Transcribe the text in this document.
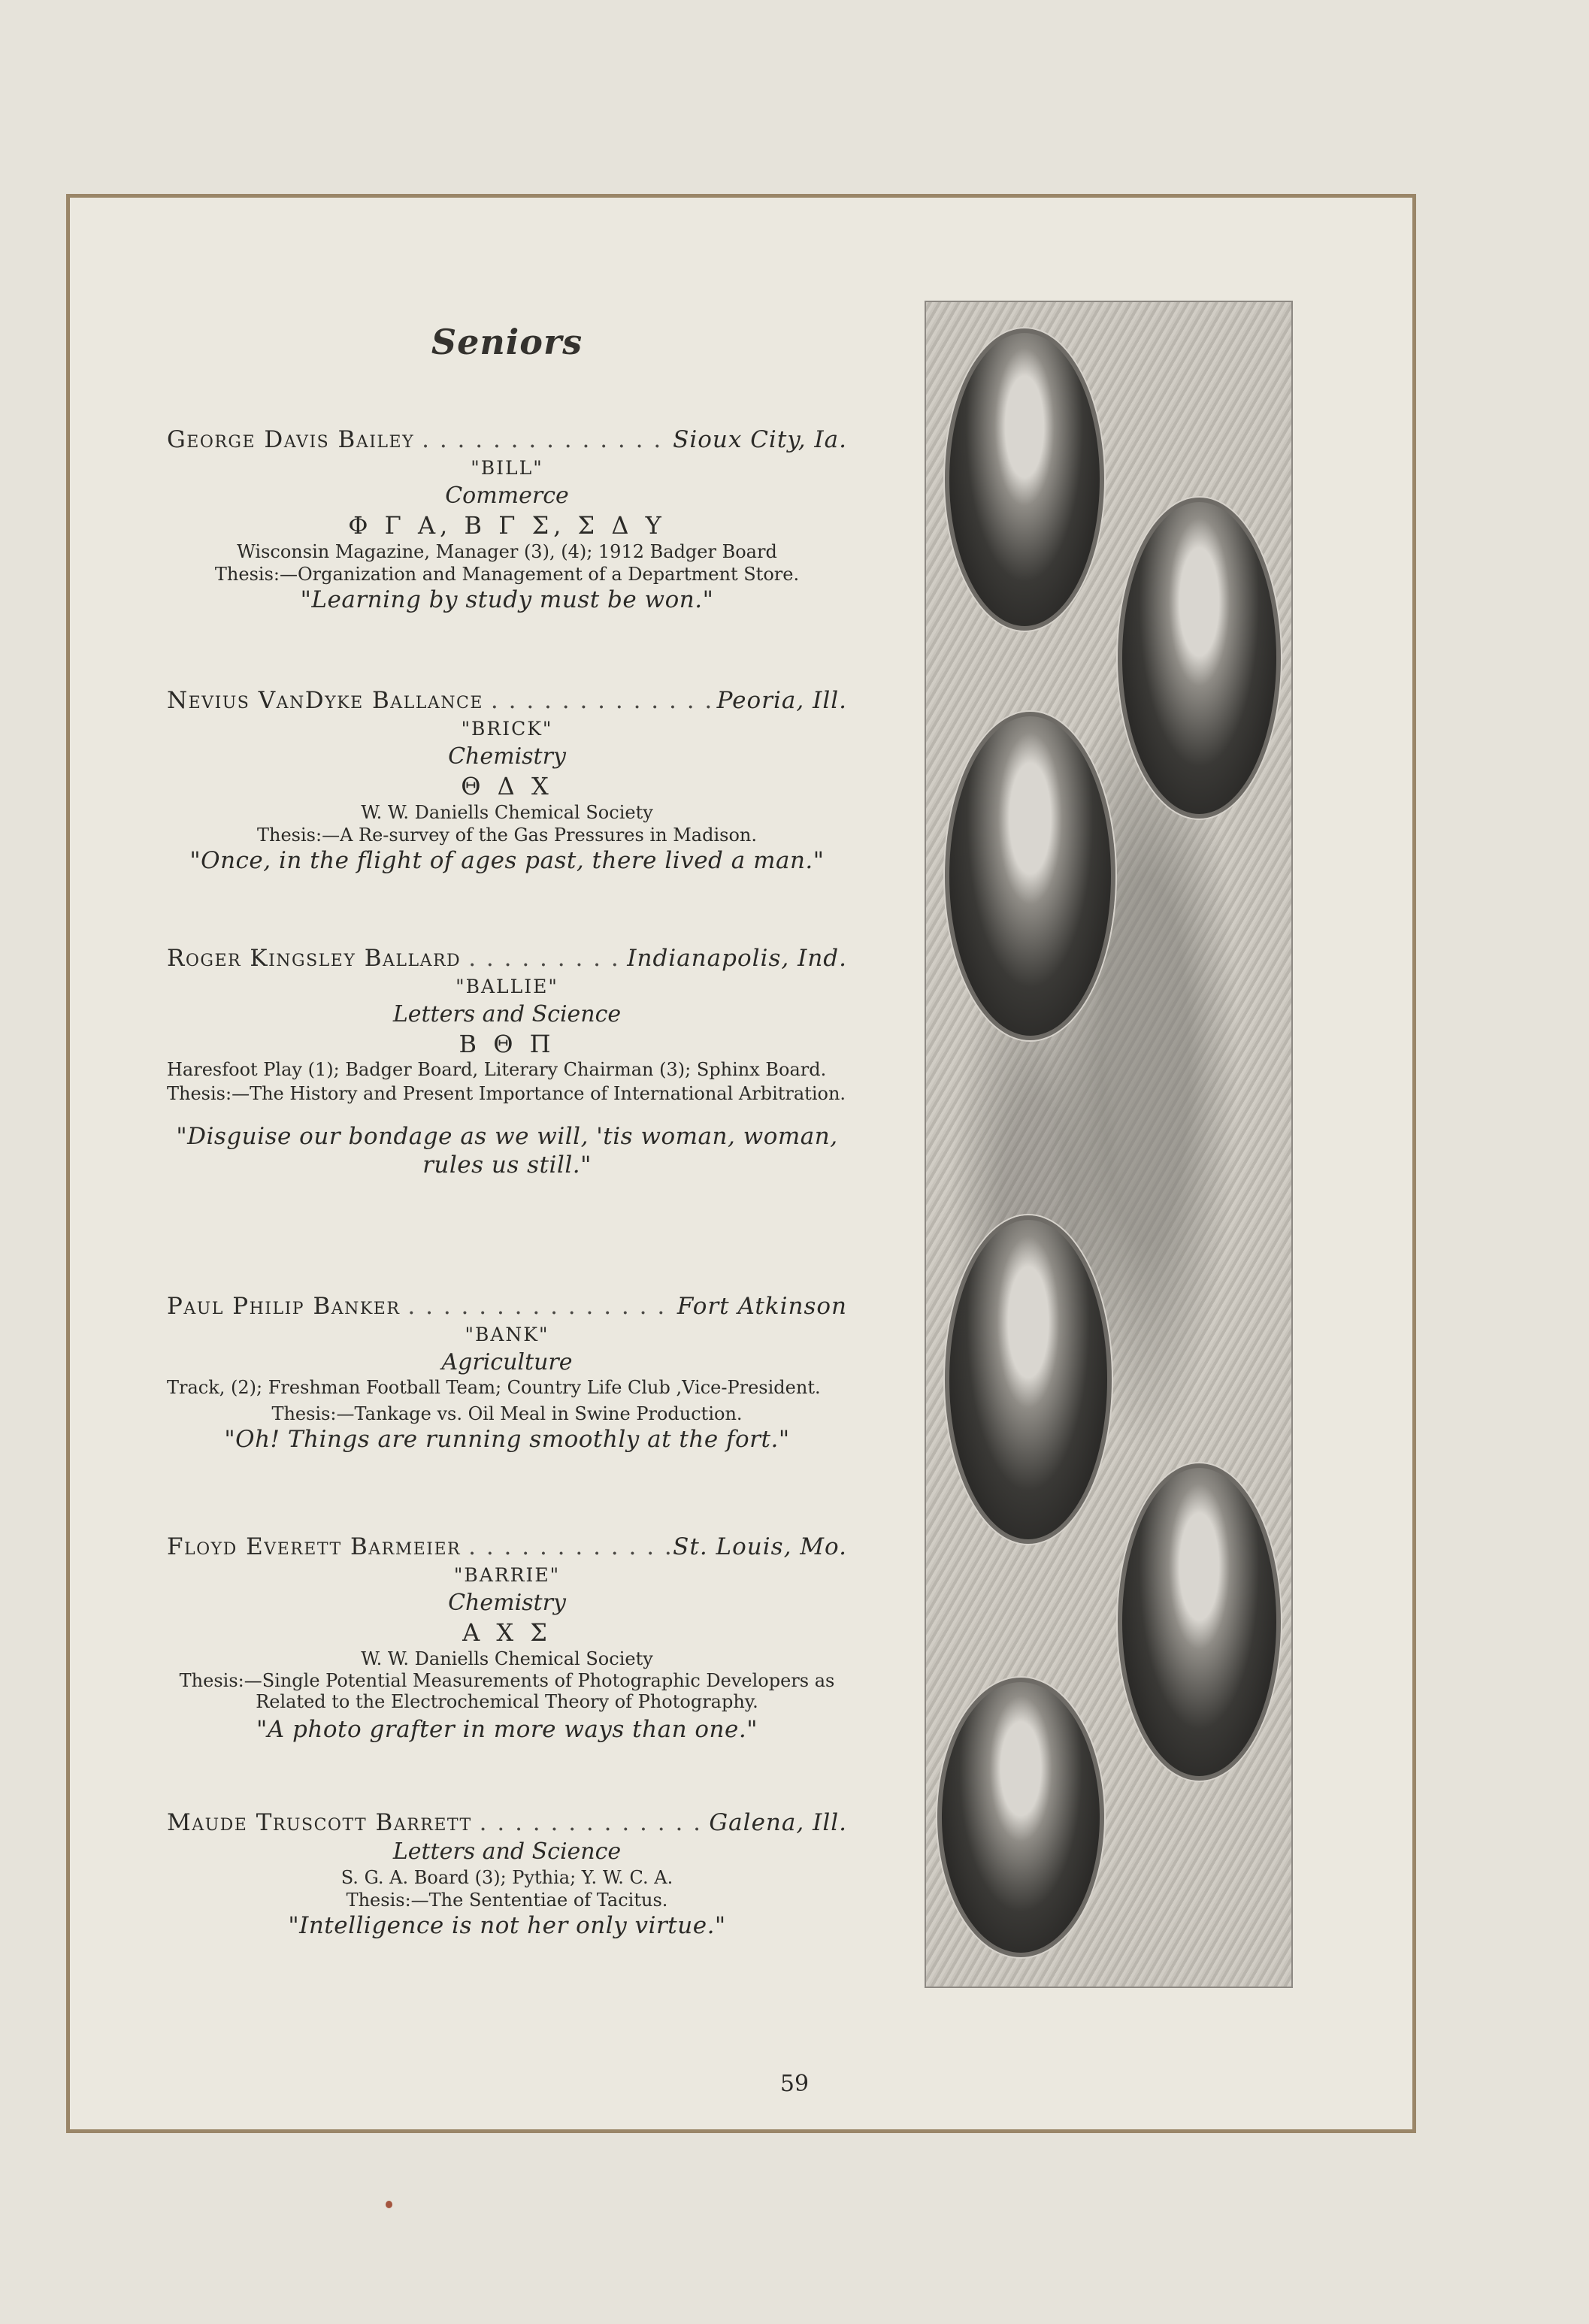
Seniors
George Davis Bailey . . .	Sioux City, Ia.
"BILL"
Commerce
Φ Γ Α, Β Γ Σ, Σ Δ Υ
Wisconsin Magazine, Manager (3), (4); 1912 Badger Board
Thesis:—Organization and Management of a Department Store.
"Learning by study must be won."
Nevius VanDyke Ballance . . .	Peoria, Ill.
"BRICK"
Chemistry
Θ Δ Χ
W. W. Daniells Chemical Society
Thesis:—A Re-survey of the Gas Pressures in Madison.
"Once, in the flight of ages past, there lived a man."
Roger Kingsley Ballard . . .	Indianapolis, Ind.
"BALLIE"
Letters and Science
Β Θ Π
Haresfoot Play (1); Badger Board, Literary Chairman (3); Sphinx Board.
Thesis:—The History and Present Importance of International Arbitration.
"Disguise our bondage as we will, 'tis woman, woman, rules us still."
Paul Philip Banker . . .	Fort Atkinson
"BANK"
Agriculture
Track, (2); Freshman Football Team; Country Life Club ,Vice-President.
Thesis:—Tankage vs. Oil Meal in Swine Production.
"Oh! Things are running smoothly at the fort."
Floyd Everett Barmeier . . .	St. Louis, Mo.
"BARRIE"
Chemistry
Α Χ Σ
W. W. Daniells Chemical Society
Thesis:—Single Potential Measurements of Photographic Developers as Related to the Electrochemical Theory of Photography.
"A photo grafter in more ways than one."
Maude Truscott Barrett . . .	Galena, Ill.
Letters and Science
S. G. A. Board (3); Pythia; Y. W. C. A.
Thesis:—The Sententiae of Tacitus.
"Intelligence is not her only virtue."
59
